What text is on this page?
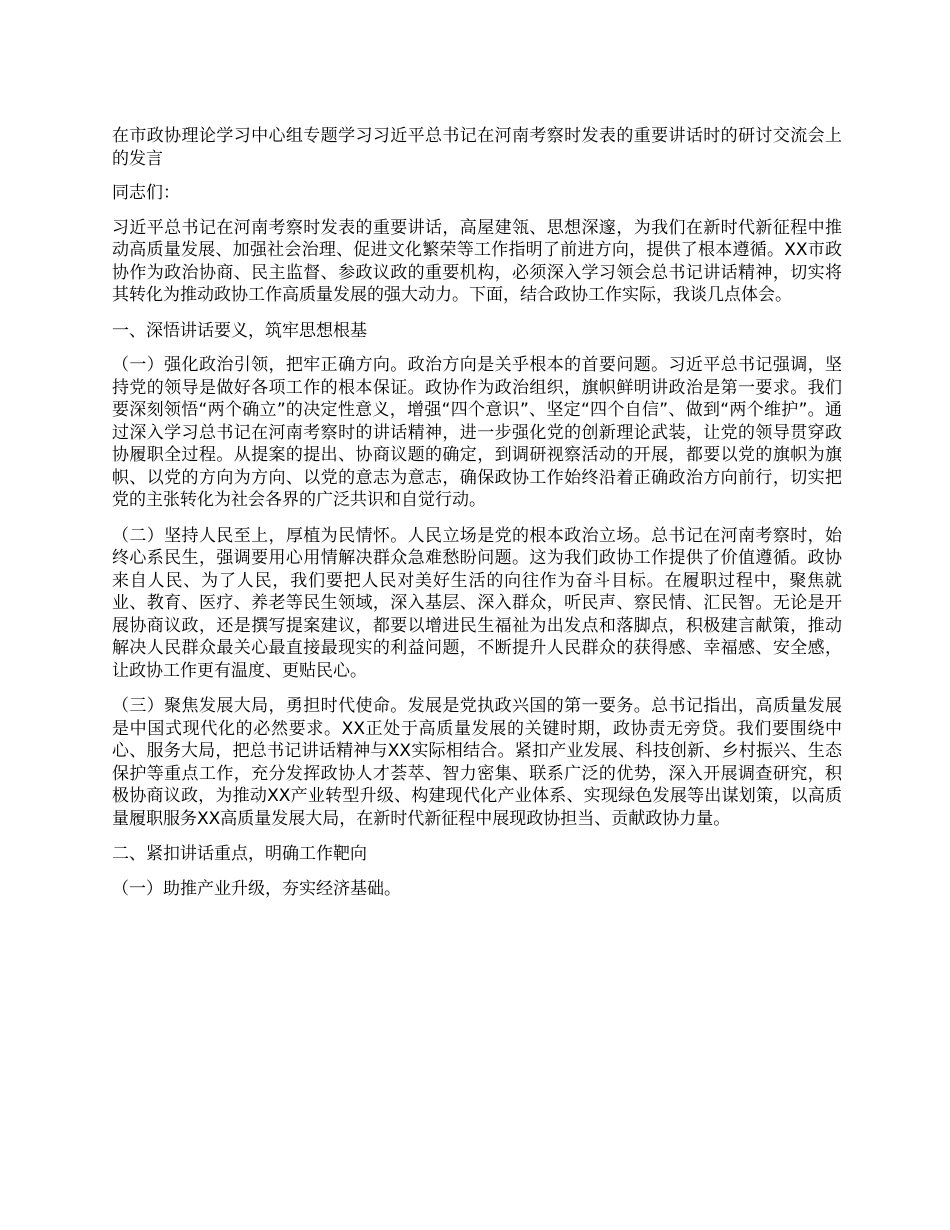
在市政协理论学习中心组专题学习习近平总书记在河南考察时发表的重要讲话时的研讨交流会上的发言

同志们：

习近平总书记在河南考察时发表的重要讲话，高屋建瓴、思想深邃，为我们在新时代新征程中推动高质量发展、加强社会治理、促进文化繁荣等工作指明了前进方向，提供了根本遵循。XX市政协作为政治协商、民主监督、参政议政的重要机构，必须深入学习领会总书记讲话精神，切实将其转化为推动政协工作高质量发展的强大动力。下面，结合政协工作实际，我谈几点体会。

一、深悟讲话要义，筑牢思想根基

（一）强化政治引领，把牢正确方向。政治方向是关乎根本的首要问题。习近平总书记强调，坚持党的领导是做好各项工作的根本保证。政协作为政治组织，旗帜鲜明讲政治是第一要求。我们要深刻领悟“两个确立”的决定性意义，增强“四个意识”、坚定“四个自信”、做到“两个维护”。通过深入学习总书记在河南考察时的讲话精神，进一步强化党的创新理论武装，让党的领导贯穿政协履职全过程。从提案的提出、协商议题的确定，到调研视察活动的开展，都要以党的旗帜为旗帜、以党的方向为方向、以党的意志为意志，确保政协工作始终沿着正确政治方向前行，切实把党的主张转化为社会各界的广泛共识和自觉行动。

（二）坚持人民至上，厚植为民情怀。人民立场是党的根本政治立场。总书记在河南考察时，始终心系民生，强调要用心用情解决群众急难愁盼问题。这为我们政协工作提供了价值遵循。政协来自人民、为了人民，我们要把人民对美好生活的向往作为奋斗目标。在履职过程中，聚焦就业、教育、医疗、养老等民生领域，深入基层、深入群众，听民声、察民情、汇民智。无论是开展协商议政，还是撰写提案建议，都要以增进民生福祉为出发点和落脚点，积极建言献策，推动解决人民群众最关心最直接最现实的利益问题，不断提升人民群众的获得感、幸福感、安全感，让政协工作更有温度、更贴民心。

（三）聚焦发展大局，勇担时代使命。发展是党执政兴国的第一要务。总书记指出，高质量发展是中国式现代化的必然要求。XX正处于高质量发展的关键时期，政协责无旁贷。我们要围绕中心、服务大局，把总书记讲话精神与XX实际相结合。紧扣产业发展、科技创新、乡村振兴、生态保护等重点工作，充分发挥政协人才荟萃、智力密集、联系广泛的优势，深入开展调查研究，积极协商议政，为推动XX产业转型升级、构建现代化产业体系、实现绿色发展等出谋划策，以高质量履职服务XX高质量发展大局，在新时代新征程中展现政协担当、贡献政协力量。

二、紧扣讲话重点，明确工作靶向

（一）助推产业升级，夯实经济基础。
